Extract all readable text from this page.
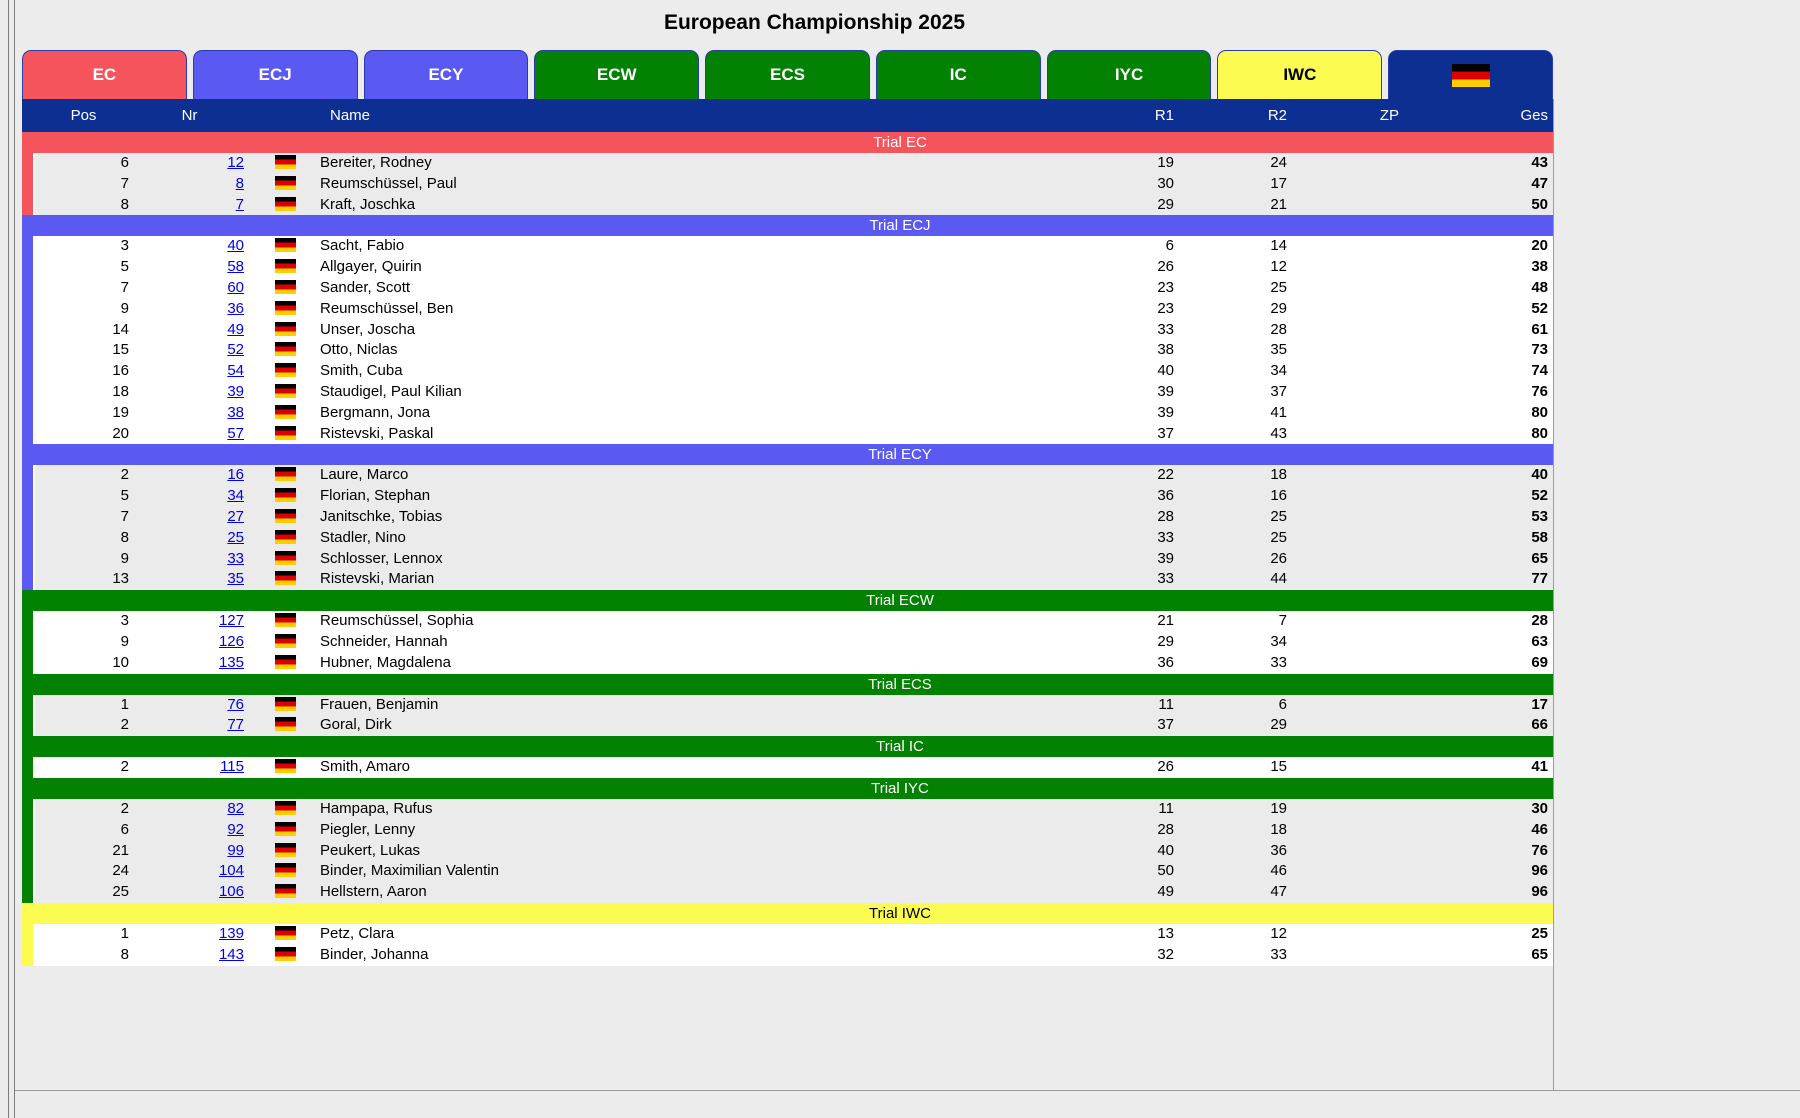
European Championship 2025
EC	ECJ	ECY	ECW	ECS	IC	IYC	IWC
Pos	Nr	Name	R1	R2	ZP	Ges
Trial EC
6	12	Bereiter, Rodney	19	24	43
7	8	Reumschüssel, Paul	30	17	47
8	7	Kraft, Joschka	29	21	50
Trial ECJ
3	40	Sacht, Fabio	6	14	20
5	58	Allgayer, Quirin	26	12	38
7	60	Sander, Scott	23	25	48
9	36	Reumschüssel, Ben	23	29	52
14	49	Unser, Joscha	33	28	61
15	52	Otto, Niclas	38	35	73
16	54	Smith, Cuba	40	34	74
18	39	Staudigel, Paul Kilian	39	37	76
19	38	Bergmann, Jona	39	41	80
20	57	Ristevski, Paskal	37	43	80
Trial ECY
2	16	Laure, Marco	22	18	40
5	34	Florian, Stephan	36	16	52
7	27	Janitschke, Tobias	28	25	53
8	25	Stadler, Nino	33	25	58
9	33	Schlosser, Lennox	39	26	65
13	35	Ristevski, Marian	33	44	77
Trial ECW
3	127	Reumschüssel, Sophia	21	7	28
9	126	Schneider, Hannah	29	34	63
10	135	Hubner, Magdalena	36	33	69
Trial ECS
1	76	Frauen, Benjamin	11	6	17
2	77	Goral, Dirk	37	29	66
Trial IC
2	115	Smith, Amaro	26	15	41
Trial IYC
2	82	Hampapa, Rufus	11	19	30
6	92	Piegler, Lenny	28	18	46
21	99	Peukert, Lukas	40	36	76
24	104	Binder, Maximilian Valentin	50	46	96
25	106	Hellstern, Aaron	49	47	96
Trial IWC
1	139	Petz, Clara	13	12	25
8	143	Binder, Johanna	32	33	65
